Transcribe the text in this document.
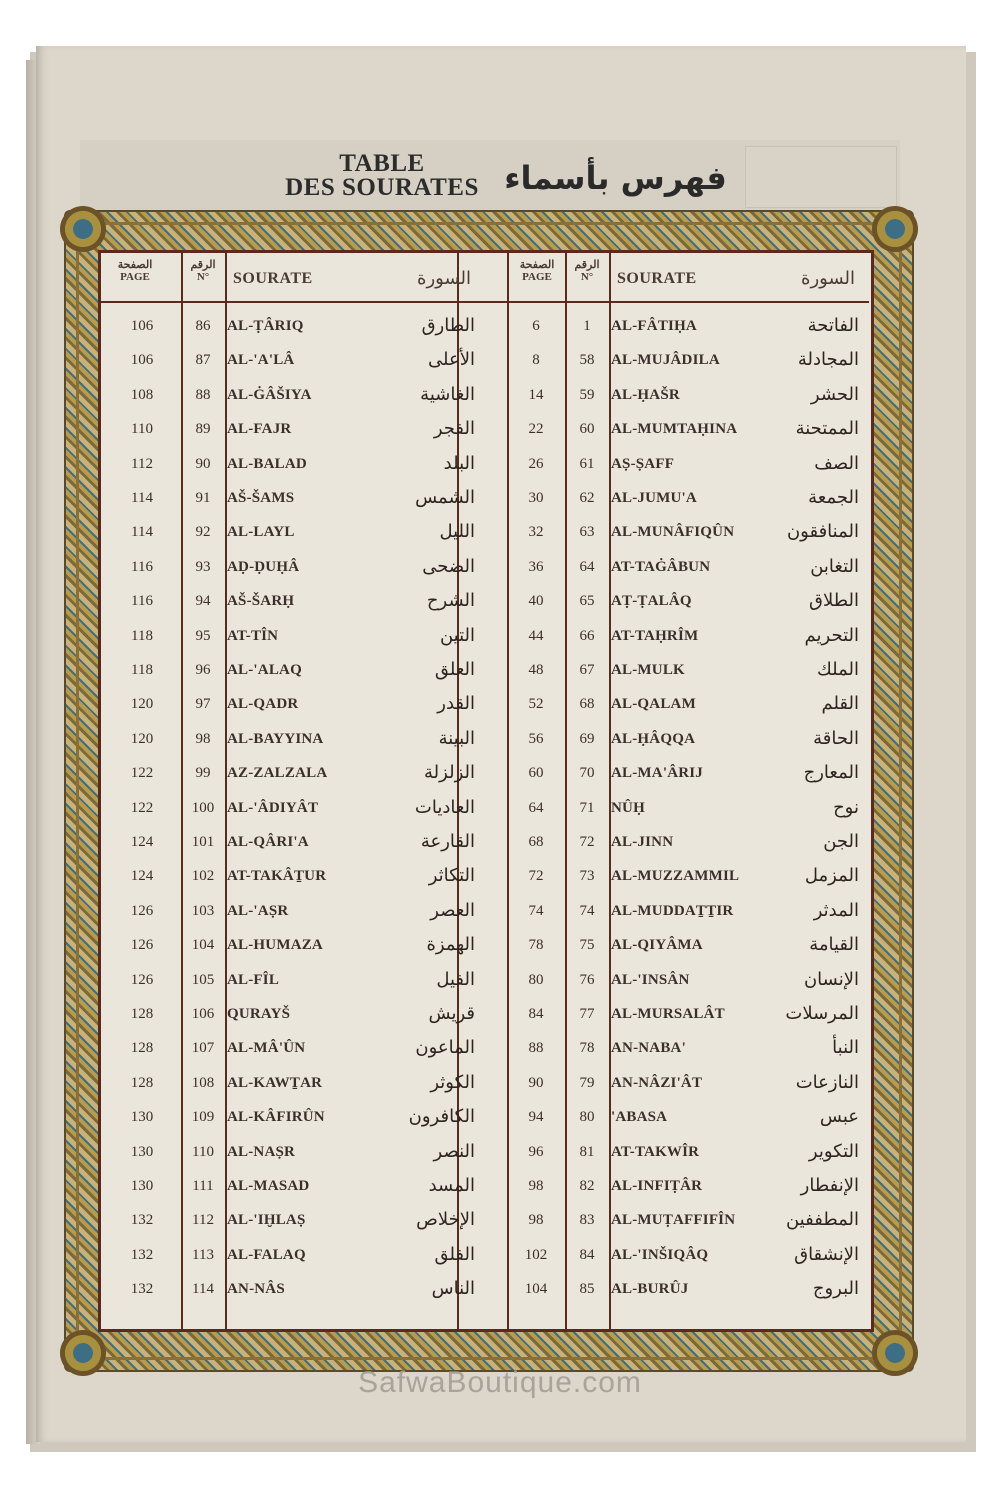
TABLE
DES SOURATES	فهرس بأسماء
الصفحة
PAGE
الرقم
N°	SOURATE	السورة
106	86	AL-ṬÂRIQ	الطارق
106	87	AL-'A'LÂ	الأعلى
108	88	AL-ĠÂŠIYA	الغاشية
110	89	AL-FAJR	الفجر
112	90	AL-BALAD	البلد
114	91	AŠ-ŠAMS	الشمس
114	92	AL-LAYL	الليل
116	93	AḌ-ḌUḤÂ	الضحى
116	94	AŠ-ŠARḤ	الشرح
118	95	AT-TÎN	التين
118	96	AL-'ALAQ	العلق
120	97	AL-QADR	القدر
120	98	AL-BAYYINA	البينة
122	99	AZ-ZALZALA	الزلزلة
122	100 AL-'ÂDIYÂT	العاديات
124	101 AL-QÂRI'A	القارعة
124	102 AT-TAKÂṮUR	التكاثر
126	103 AL-'AṢR	العصر
126	104 AL-HUMAZA	الهمزة
126	105 AL-FÎL	الفيل
128	106 QURAYŠ	قريش
128	107 AL-MÂ'ÛN	الماعون
128	108 AL-KAWṮAR	الكوثر
130	109 AL-KÂFIRÛN	الكافرون
130	110 AL-NAṢR	النصر
130	111 AL-MASAD	المسد
132	112 AL-'IḪLAṢ	الإخلاص
132	113 AL-FALAQ	الفلق
132	114 AN-NÂS	الناس
الصفحة
PAGE
الرقم
N°	SOURATE	السورة
6	1	AL-FÂTIḤA	الفاتحة
8	58	AL-MUJÂDILA	المجادلة
14	59	AL-ḤAŠR	الحشر
22	60	AL-MUMTAḤINA	الممتحنة
26	61	AṢ-ṢAFF	الصف
30	62	AL-JUMU'A	الجمعة
32	63	AL-MUNÂFIQÛN	المنافقون
36	64	AT-TAĠÂBUN	التغابن
40	65	AṬ-ṬALÂQ	الطلاق
44	66	AT-TAḤRÎM	التحريم
48	67	AL-MULK	الملك
52	68	AL-QALAM	القلم
56	69	AL-ḤÂQQA	الحاقة
60	70	AL-MA'ÂRIJ	المعارج
64	71	NÛḤ	نوح
68	72	AL-JINN	الجن
72	73	AL-MUZZAMMIL	المزمل
74	74	AL-MUDDAṮṮIR	المدثر
78	75	AL-QIYÂMA	القيامة
80	76	AL-'INSÂN	الإنسان
84	77	AL-MURSALÂT	المرسلات
88	78	AN-NABA'	النبأ
90	79	AN-NÂZI'ÂT	النازعات
94	80	'ABASA	عبس
96	81	AT-TAKWÎR	التكوير
98	82	AL-INFIṬÂR	الإنفطار
98	83	AL-MUṬAFFIFÎN	المطففين
102	84	AL-'INŠIQÂQ	الإنشقاق
104	85	AL-BURÛJ	البروج
SafwaBoutique.com
